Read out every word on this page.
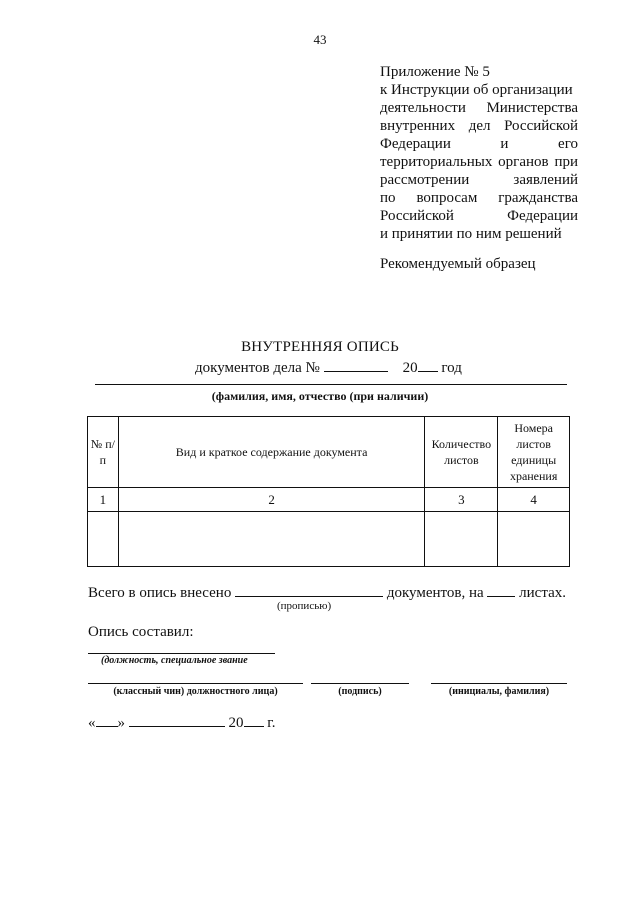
43
Приложение № 5
к Инструкции об организации
деятельности Министерства
внутренних дел Российской
Федерации и его
территориальных органов при
рассмотрении заявлений
по вопросам гражданства
Российской Федерации
и принятии по ним решений
Рекомендуемый образец
ВНУТРЕННЯЯ ОПИСЬ
документов дела №	20 год
(фамилия, имя, отчество (при наличии)
№ п/п	Вид и краткое содержание документа	Количество листов	Номера листов единицы хранения
1	2	3	4

Всего в опись внесено	документов, на листах.
(прописью)
Опись составил:
(должность, специальное звание
(классный чин) должностного лица)	(подпись)	(инициалы, фамилия)
« »	20 г.
